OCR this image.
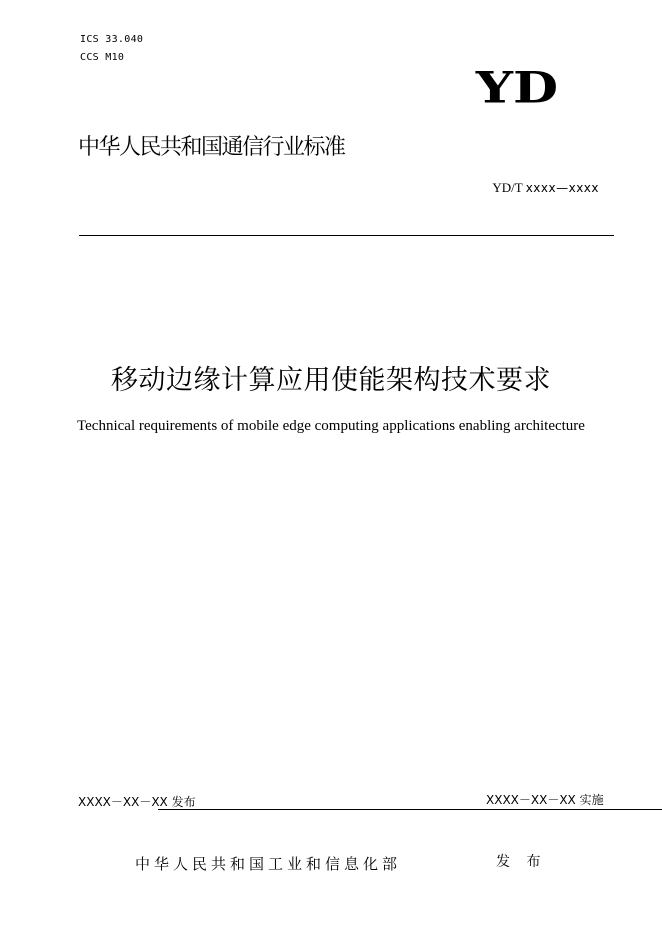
ICS 33.040
CCS M10
YD
中华人民共和国通信行业标准
YD/T xxxx—xxxx
移动边缘计算应用使能架构技术要求
Technical requirements of mobile edge computing applications enabling architecture
XXXX－XX－XX 发布	XXXX－XX－XX 实施
中华人民共和国工业和信息化部	发 布
